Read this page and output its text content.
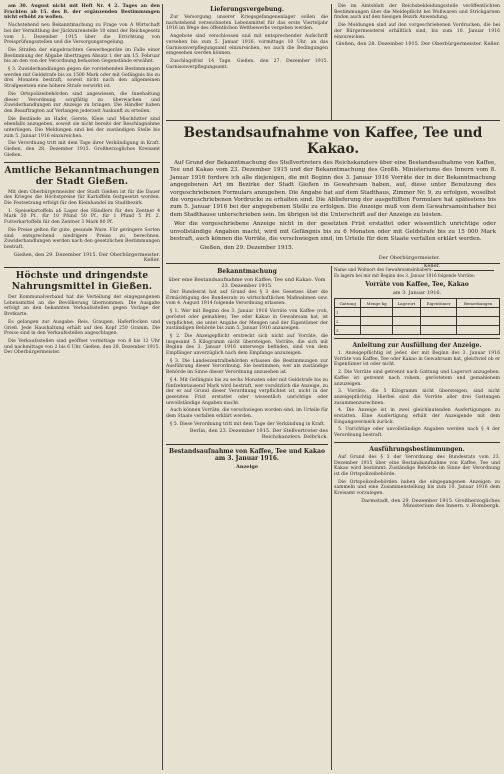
am 30. August nicht mit Heft Nr. 4 2. Tages an den Frachten ab 15. des lt. der ergänzenden Bestimmungen nicht erhöht zu wollen.

Nachstehend neu Bekanntmachung zu Frage von A Wirtschaft bei der Vermittlung der Jäckwarenstelle 10 einst der Reichsgesetz vom 1. Dezember 1915 über die Errichtung von Preisprüfungsstellen und die Versorgungsregelung.

Die Strafen der eingebrachten Gewerbegeräte im Falle einer Bestimmung der Abgabe übertragen Absatz 1 der am 15. Februar bis an den von der Verordnung befassten Gegenstände erwähnt.

§ 3. Zuwiderhandlungen gegen die vorstehenden Bestimmungen werden mit Geldstrafe bis zu 1500 Mark oder mit Gefängnis bis zu drei Monaten bestraft, soweit nicht nach den allgemeinen Strafgesetzen eine höhere Strafe verwirkt ist.

Die Ortspolizeibehörden sind angewiesen, die Innehaltung dieser Verordnung sorgfältig zu überwachen und Zuwiderhandlungen zur Anzeige zu bringen. Die Händler haben den Beauftragten auf Verlangen jederzeit Auskunft zu erteilen.

Die Bestände an Hafer, Gerste, Kleie und Mischfutter sind ebenfalls anzugeben, soweit sie nicht bereits der Beschlagnahme unterliegen. Die Meldungen sind bei der zuständigen Stelle bis zum 5. Januar 1916 einzureichen.

Die Verordnung tritt mit dem Tage ihrer Verkündigung in Kraft. Gießen, den 28. Dezember 1915. Großherzogliches Kreisamt Gießen.

Amtliche Bekanntmachungen der Stadt Gießen.

Mit dem Oberbürgermeister der Stadt Gießen ist für die Dauer des Krieges die Höchstpreise für Kartoffeln festgesetzt worden. Die Festsetzung erfolgt für den Kleinhandel im Stadtbezirk.

1. Speisekartoffeln ab Lager des Händlers für den Zentner 4 Mark 50 Pf., für 10 Pfund 50 Pf., für 1 Pfund 5 Pf. 2. Futterkartoffeln für den Zentner 3 Mark 80 Pf.

Die Preise gelten für gute, gesunde Ware. Für geringere Sorten sind entsprechend niedrigere Preise zu berechnen. Zuwiderhandlungen werden nach den gesetzlichen Bestimmungen bestraft.

Gießen, den 29. Dezember 1915. Der Oberbürgermeister. Keller.
Höchste und dringendste Nahrungsmittel in Gießen.

Der Kommunalverband hat die Verteilung der eingegangenen Lebensmittel an die Bevölkerung übernommen. Die Ausgabe erfolgt an den bekannten Verkaufsstellen gegen Vorlage der Brotkarte.

Es gelangen zur Ausgabe: Reis, Graupen, Haferflocken und Grieß. Jede Haushaltung erhält auf den Kopf 250 Gramm. Die Preise sind in den Verkaufsstellen angeschlagen.

Die Verkaufsstellen sind geöffnet vormittags von 8 bis 12 Uhr und nachmittags von 2 bis 6 Uhr. Gießen, den 28. Dezember 1915. Der Oberbürgermeister.

Lieferungsvergebung.

Zur Versorgung unserer Kriegsgefangenenlager sollen die nachstehend verzeichneten Lebensmittel für das erste Vierteljahr 1916 im Wege des öffentlichen Wettbewerbs vergeben werden.

Angebote sind verschlossen und mit entsprechender Aufschrift versehen bis zum 5. Januar 1916, vormittags 10 Uhr, an das Garnisonverpflegungsamt einzureichen, wo auch die Bedingungen eingesehen werden können.

Zuschlagsfrist 14 Tage. Gießen, den 27. Dezember 1915. Garnisonverpflegungsamt.

Die im Amtsblatt der Reichsbekleidungsstelle veröffentlichten Bestimmungen über die Meldepflicht bei Wollwaren und Strickgarnen finden auch auf den hiesigen Bezirk Anwendung.

Die Meldungen sind auf den vorgeschriebenen Vordrucken, die bei der Bürgermeisterei erhältlich sind, bis zum 10. Januar 1916 einzureichen.

Gießen, den 28. Dezember 1915. Der Oberbürgermeister. Keller.
Bestandsaufnahme von Kaffee, Tee und Kakao.

Auf Grund der Bekanntmachung des Stellvertreters des Reichskanzlers über eine Bestandsaufnahme von Kaffee, Tee und Kakao vom 23. Dezember 1915 und der Bekanntmachung des Großh. Ministeriums des Innern vom 8. Januar 1916 fordere ich alle diejenigen, die mit Beginn des 3. Januar 1916 Vorräte der in der Bekanntmachung angegebenen Art im Bezirke der Stadt Gießen in Gewahrsam haben, auf, diese unter Benutzung des vorgeschriebenen Formulars anzugeben. Die Angabe hat auf dem Stadthaus, Zimmer Nr. 9, zu erfolgen, woselbst die vorgeschriebenen Vordrucke zu erhalten sind. Die Ablieferung der ausgefüllten Formulare hat spätestens bis zum 5. Januar 1916 bei der angegebenen Stelle zu erfolgen. Die Anzeige muß von dem Gewahrsamsinhaber bei dem Stadthause unterschrieben sein. Im übrigen ist die Unterschrift auf der Anzeige zu leisten.

Wer die vorgeschriebene Anzeige nicht in der gesetzten Frist erstattet oder wissentlich unrichtige oder unvollständige Angaben macht, wird mit Gefängnis bis zu 6 Monaten oder mit Geldstrafe bis zu 15 000 Mark bestraft, auch können die Vorräte, die verschwiegen sind, im Urteile für dem Staate verfallen erklärt werden.

Gießen, den 29. Dezember 1915.

Der Oberbürgermeister.
Keller.
Bekanntmachung
über eine Bestandsaufnahme von Kaffee, Tee und Kakao. Vom 23. Dezember 1915.

Der Bundesrat hat auf Grund des § 3 des Gesetzes über die Ermächtigung des Bundesrats zu wirtschaftlichen Maßnahmen usw. vom 4. August 1914 folgende Verordnung erlassen:

§ 1. Wer mit Beginn des 3. Januar 1916 Vorräte von Kaffee (roh, geröstet oder gemahlen), Tee oder Kakao in Gewahrsam hat, ist verpflichtet, sie unter Angabe der Mengen und der Eigentümer der zuständigen Behörde bis zum 5. Januar 1916 anzuzeigen.

§ 2. Die Anzeigepflicht erstreckt sich nicht auf Vorräte, die insgesamt 5 Kilogramm nicht übersteigen. Vorräte, die sich mit Beginn des 3. Januar 1916 unterwegs befinden, sind von dem Empfänger unverzüglich nach dem Empfange anzuzeigen.

§ 3. Die Landeszentralbehörden erlassen die Bestimmungen zur Ausführung dieser Verordnung. Sie bestimmen, wer als zuständige Behörde im Sinne dieser Verordnung anzusehen ist.

§ 4. Mit Gefängnis bis zu sechs Monaten oder mit Geldstrafe bis zu fünfzehntausend Mark wird bestraft, wer vorsätzlich die Anzeige, zu der er auf Grund dieser Verordnung verpflichtet ist, nicht in der gesetzten Frist erstattet oder wissentlich unrichtige oder unvollständige Angaben macht.

Auch können Vorräte, die verschwiegen worden sind, im Urteile für dem Staate verfallen erklärt werden.

§ 5. Diese Verordnung tritt mit dem Tage der Verkündung in Kraft.

Berlin, den 23. Dezember 1915. Der Stellvertreter des Reichskanzlers. Delbrück.
Bestandsaufnahme von Kaffee, Tee und Kakao am 3. Januar 1916.
Anzeige
Name und Wohnort des Gewahrsamsinhabers:
Es lagern bei mir mit Beginn des 3. Januar 1916 folgende Vorräte:
Vorräte von Kaffee, Tee, Kakao
am 3. Januar 1916.
Gattung	Menge kg	Lagerort	Eigentümer	Bemerkungen
1				
2				
3				
Anleitung zur Ausfüllung der Anzeige.

1. Anzeigepflichtig ist jeder, der mit Beginn des 3. Januar 1916 Vorräte von Kaffee, Tee oder Kakao in Gewahrsam hat, gleichviel ob er Eigentümer ist oder nicht.

2. Die Vorräte sind getrennt nach Gattung und Lagerort anzugeben. Kaffee ist getrennt nach rohem, geröstetem und gemahlenem anzuzeigen.

3. Vorräte, die 5 Kilogramm nicht übersteigen, sind nicht anzeigepflichtig. Hierbei sind die Vorräte aller drei Gattungen zusammenzurechnen.

4. Die Anzeige ist in zwei gleichlautenden Ausfertigungen zu erstatten. Eine Ausfertigung erhält der Anzeigende mit dem Eingangsvermerk zurück.

5. Unrichtige oder unvollständige Angaben werden nach § 4 der Verordnung bestraft.

Ausführungsbestimmungen.

Auf Grund des § 3 der Verordnung des Bundesrats vom 23. Dezember 1915 über eine Bestandsaufnahme von Kaffee, Tee und Kakao wird bestimmt: Zuständige Behörde im Sinne der Verordnung ist die Ortspolizeibehörde.

Die Ortspolizeibehörden haben die eingegangenen Anzeigen zu sammeln und eine Zusammenstellung bis zum 10. Januar 1916 dem Kreisamt vorzulegen.

Darmstadt, den 29. Dezember 1915. Großherzogliches Ministerium des Innern. v. Hombergk.
